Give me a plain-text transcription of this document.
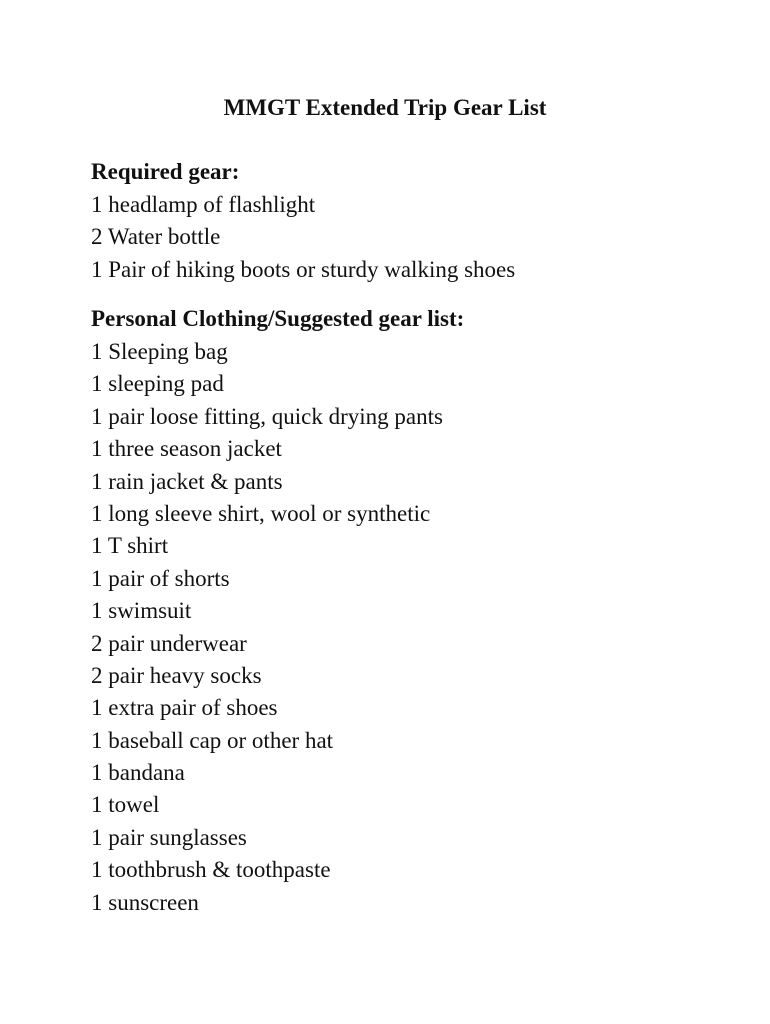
MMGT Extended Trip Gear List
Required gear:
1 headlamp of flashlight
2 Water bottle
1 Pair of hiking boots or sturdy walking shoes
Personal Clothing/Suggested gear list:
1 Sleeping bag
1 sleeping pad
1 pair loose fitting, quick drying pants
1 three season jacket
1 rain jacket & pants
1 long sleeve shirt, wool or synthetic
1 T shirt
1 pair of shorts
1 swimsuit
2 pair underwear
2 pair heavy socks
1 extra pair of shoes
1 baseball cap or other hat
1 bandana
1 towel
1 pair sunglasses
1 toothbrush & toothpaste
1 sunscreen
